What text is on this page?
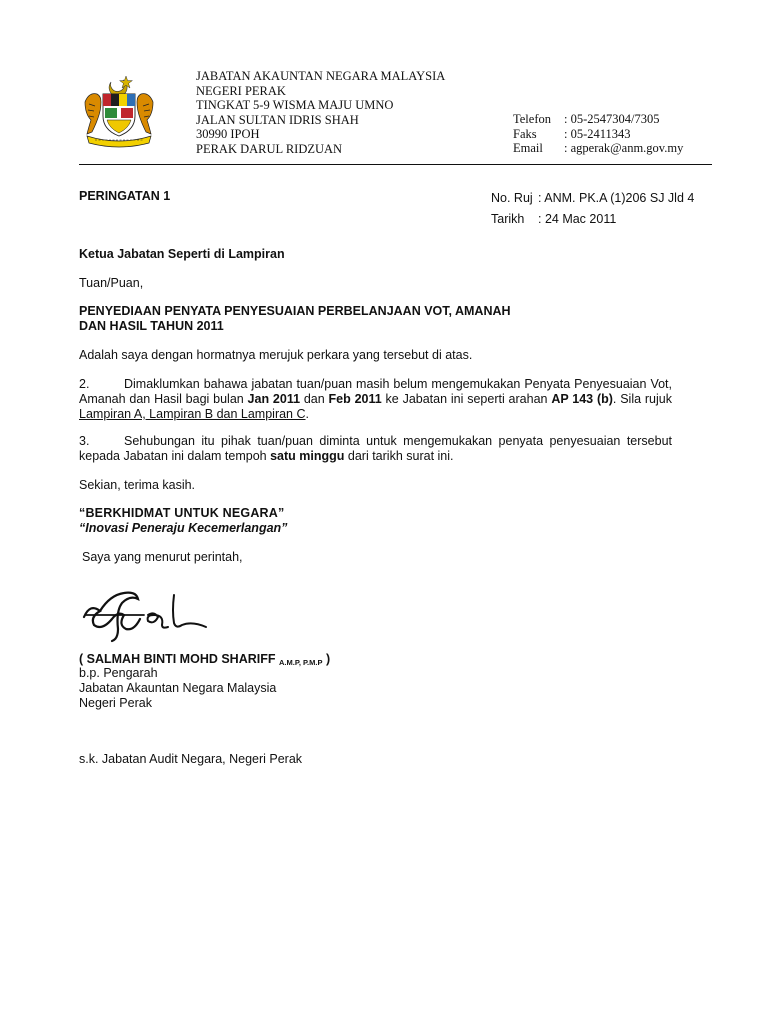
JABATAN AKAUNTAN NEGARA MALAYSIA
NEGERI PERAK
TINGKAT 5-9 WISMA MAJU UMNO
JALAN SULTAN IDRIS SHAH
30990 IPOH
PERAK DARUL RIDZUAN
Telefon	: 05-2547304/7305
Faks	: 05-2411343
Email	: agperak@anm.gov.my
PERINGATAN 1	No. Ruj : ANM. PK.A (1)206 SJ Jld 4
Tarikh	: 24 Mac 2011
Ketua Jabatan Seperti di Lampiran
Tuan/Puan,
PENYEDIAAN PENYATA PENYESUAIAN PERBELANJAAN VOT, AMANAH
DAN HASIL TAHUN 2011
Adalah saya dengan hormatnya merujuk perkara yang tersebut di atas.
2.	Dimaklumkan bahawa jabatan tuan/puan masih belum mengemukakan Penyata Penyesuaian Vot, Amanah dan Hasil bagi bulan Jan 2011 dan Feb 2011 ke Jabatan ini seperti arahan AP 143 (b). Sila rujuk Lampiran A, Lampiran B dan Lampiran C.
3.	Sehubungan itu pihak tuan/puan diminta untuk mengemukakan penyata penyesuaian tersebut kepada Jabatan ini dalam tempoh satu minggu dari tarikh surat ini.
Sekian, terima kasih.
“BERKHIDMAT UNTUK NEGARA”
“Inovasi Peneraju Kecemerlangan”
Saya yang menurut perintah,
( SALMAH BINTI MOHD SHARIFF $_{A.M.P, P.M.P}$ )
b.p. Pengarah
Jabatan Akauntan Negara Malaysia
Negeri Perak
s.k. Jabatan Audit Negara, Negeri Perak
